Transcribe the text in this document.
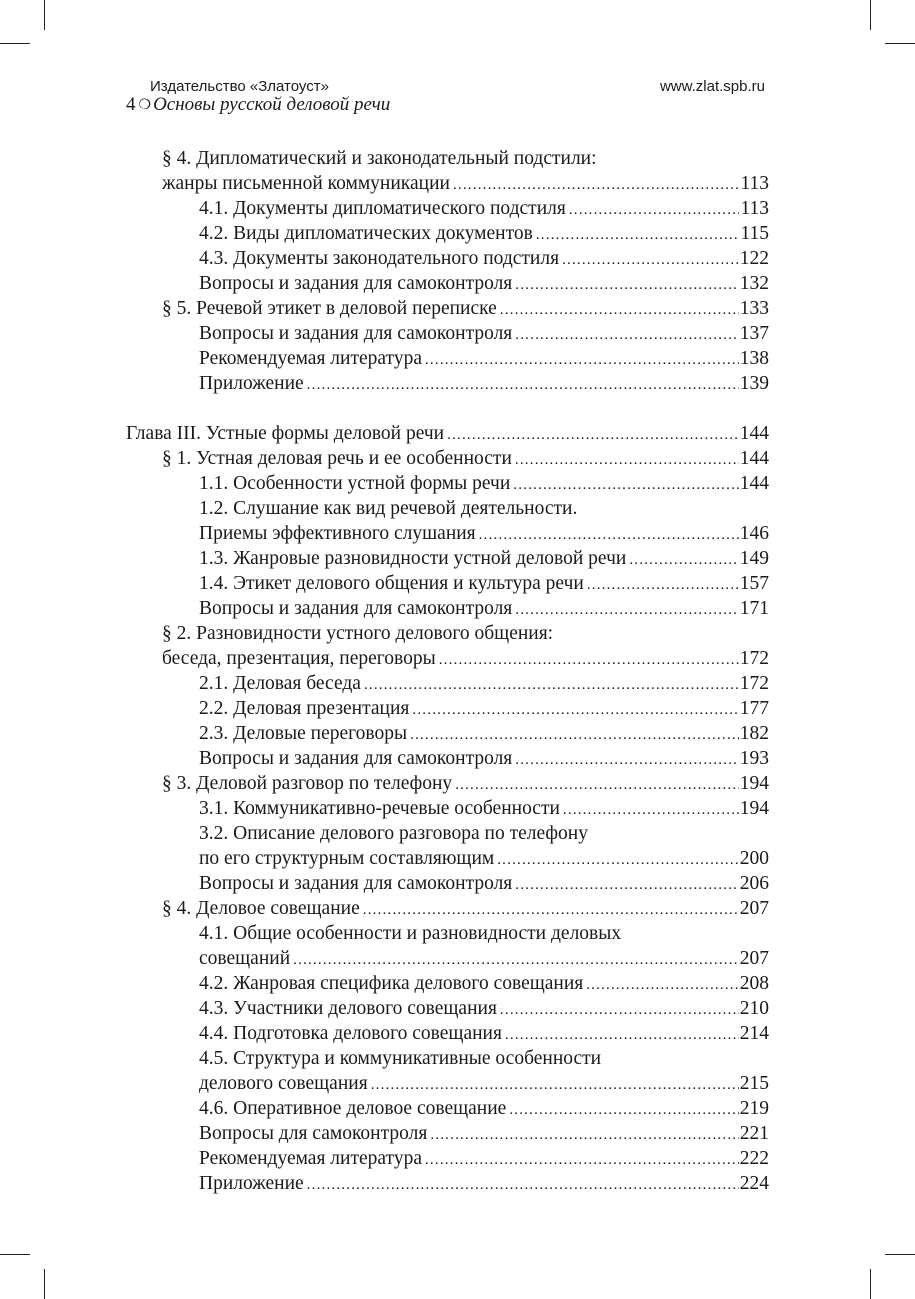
Издательство «Златоуст»	www.zlat.spb.ru
4 ❍ Основы русской деловой речи
§ 4. Дипломатический и законодательный подстили:
жанры письменной коммуникации .....	113
4.1. Документы дипломатического подстиля .....	113
4.2. Виды дипломатических документов .....	115
4.3. Документы законодательного подстиля .....	122
Вопросы и задания для самоконтроля .....	132
§ 5. Речевой этикет в деловой переписке .....	133
Вопросы и задания для самоконтроля .....	137
Рекомендуемая литература .....	138
Приложение .....	139
Глава III. Устные формы деловой речи .....	144
§ 1. Устная деловая речь и ее особенности .....	144
1.1. Особенности устной формы речи .....	144
1.2. Слушание как вид речевой деятельности.
Приемы эффективного слушания .....	146
1.3. Жанровые разновидности устной деловой речи .....	149
1.4. Этикет делового общения и культура речи .....	157
Вопросы и задания для самоконтроля .....	171
§ 2. Разновидности устного делового общения:
беседа, презентация, переговоры .....	172
2.1. Деловая беседа .....	172
2.2. Деловая презентация .....	177
2.3. Деловые переговоры .....	182
Вопросы и задания для самоконтроля .....	193
§ 3. Деловой разговор по телефону .....	194
3.1. Коммуникативно-речевые особенности .....	194
3.2. Описание делового разговора по телефону
по его структурным составляющим .....	200
Вопросы и задания для самоконтроля .....	206
§ 4. Деловое совещание .....	207
4.1. Общие особенности и разновидности деловых
совещаний .....	207
4.2. Жанровая специфика делового совещания .....	208
4.3. Участники делового совещания .....	210
4.4. Подготовка делового совещания .....	214
4.5. Структура и коммуникативные особенности
делового совещания .....	215
4.6. Оперативное деловое совещание .....	219
Вопросы для самоконтроля .....	221
Рекомендуемая литература .....	222
Приложение .....	224
